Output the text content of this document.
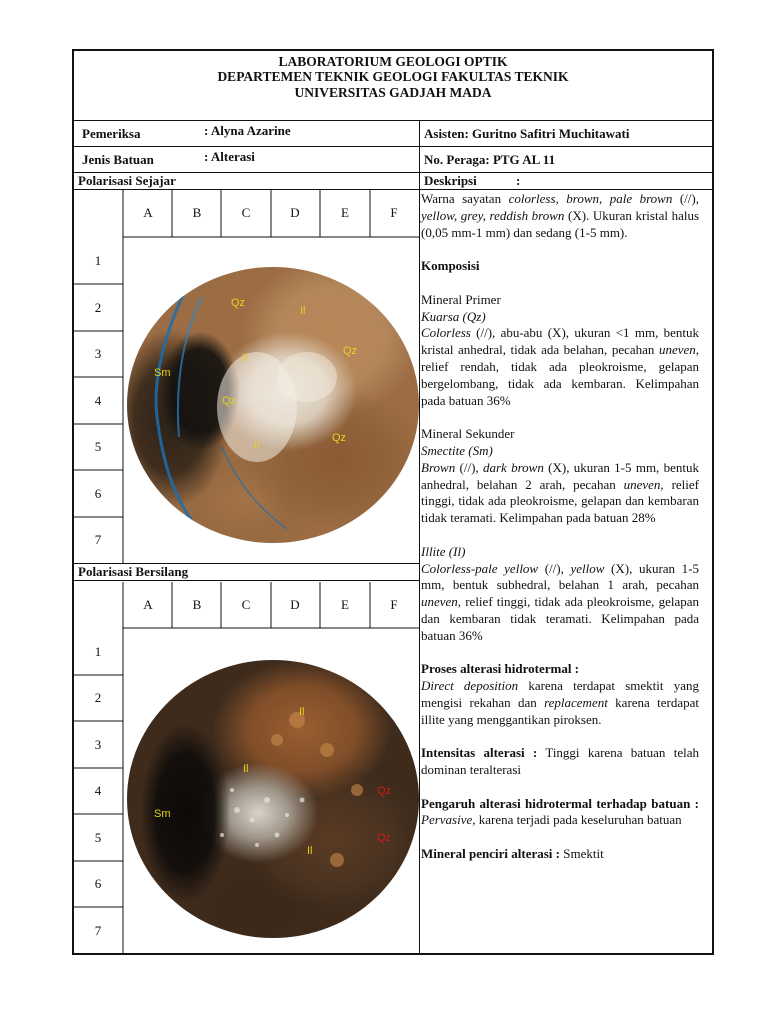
LABORATORIUM GEOLOGI OPTIK
DEPARTEMEN TEKNIK GEOLOGI FAKULTAS TEKNIK
UNIVERSITAS GADJAH MADA
Pemeriksa	: Alyna Azarine	Asisten: Guritno Safitri Muchitawati
Jenis Batuan	: Alterasi	No. Peraga: PTG AL 11
Polarisasi Sejajar	Deskripsi	:
Polarisasi Bersilang
A	B	C	D	E	F
1
2
3
4
5
6
7
Qz
Il
Qz
Il
Sm
Qz
Il
Qz
A	B	C	D	E	F
1
2
3
4
5
6
7
Il
Il
Qz
Sm
Qz
Il

Warna sayatan colorless, brown, pale brown (//), yellow, grey, reddish brown (X). Ukuran kristal halus (0,05 mm-1 mm) dan sedang (1-5 mm).

Komposisi

Mineral Primer

Kuarsa (Qz)

Colorless (//), abu-abu (X), ukuran <1 mm, bentuk kristal anhedral, tidak ada belahan, pecahan uneven, relief rendah, tidak ada pleokroisme, gelapan bergelombang, tidak ada kembaran. Kelimpahan pada batuan 36%

Mineral Sekunder

Smectite (Sm)

Brown (//), dark brown (X), ukuran 1-5 mm, bentuk anhedral, belahan 2 arah, pecahan uneven, relief tinggi, tidak ada pleokroisme, gelapan dan kembaran tidak teramati. Kelimpahan pada batuan 28%

Illite (Il)

Colorless-pale yellow (//), yellow (X), ukuran 1-5 mm, bentuk subhedral, belahan 1 arah, pecahan uneven, relief tinggi, tidak ada pleokroisme, gelapan dan kembaran tidak teramati. Kelimpahan pada batuan 36%

Proses alterasi hidrotermal :

Direct deposition karena terdapat smektit yang mengisi rekahan dan replacement karena terdapat illite yang menggantikan piroksen.

Intensitas alterasi : Tinggi karena batuan telah dominan teralterasi

Pengaruh alterasi hidrotermal terhadap batuan : Pervasive, karena terjadi pada keseluruhan batuan

Mineral penciri alterasi : Smektit
